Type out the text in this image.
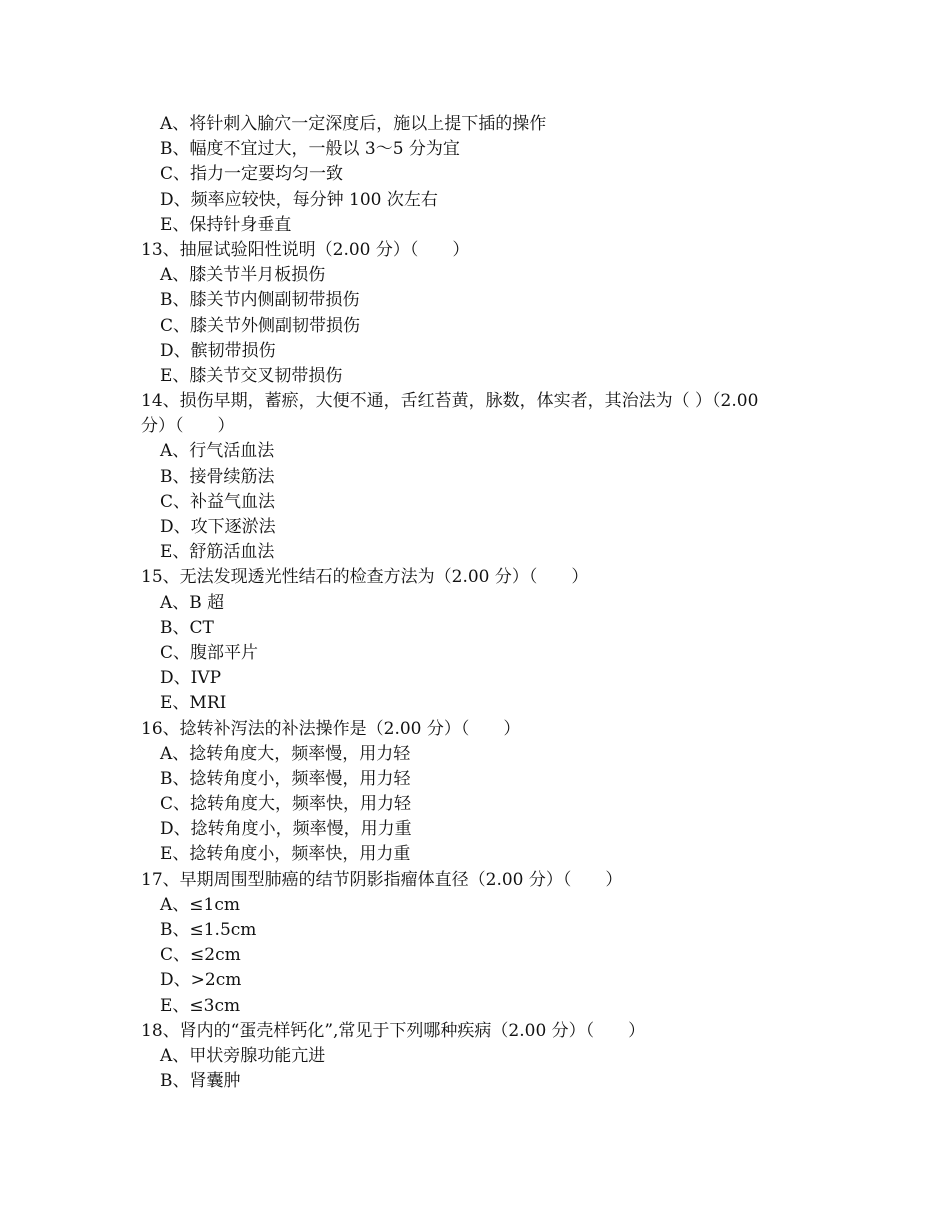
A、将针刺入腧穴一定深度后，施以上提下插的操作
B、幅度不宜过大，一般以 3～5 分为宜
C、指力一定要均匀一致
D、频率应较快，每分钟 100 次左右
E、保持针身垂直
13、抽屉试验阳性说明（2.00 分）（　　）
A、膝关节半月板损伤
B、膝关节内侧副韧带损伤
C、膝关节外侧副韧带损伤
D、髌韧带损伤
E、膝关节交叉韧带损伤
14、损伤早期，蓄瘀，大便不通，舌红苔黄，脉数，体实者，其治法为（ ）（2.00
分）（　　）
A、行气活血法
B、接骨续筋法
C、补益气血法
D、攻下逐淤法
E、舒筋活血法
15、无法发现透光性结石的检查方法为（2.00 分）（　　）
A、B 超
B、CT
C、腹部平片
D、IVP
E、MRI
16、捻转补泻法的补法操作是（2.00 分）（　　）
A、捻转角度大，频率慢，用力轻
B、捻转角度小，频率慢，用力轻
C、捻转角度大，频率快，用力轻
D、捻转角度小，频率慢，用力重
E、捻转角度小，频率快，用力重
17、早期周围型肺癌的结节阴影指瘤体直径（2.00 分）（　　）
A、≤1cm
B、≤1.5cm
C、≤2cm
D、>2cm
E、≤3cm
18、肾内的“蛋壳样钙化”,常见于下列哪种疾病（2.00 分）（　　）
A、甲状旁腺功能亢进
B、肾囊肿
